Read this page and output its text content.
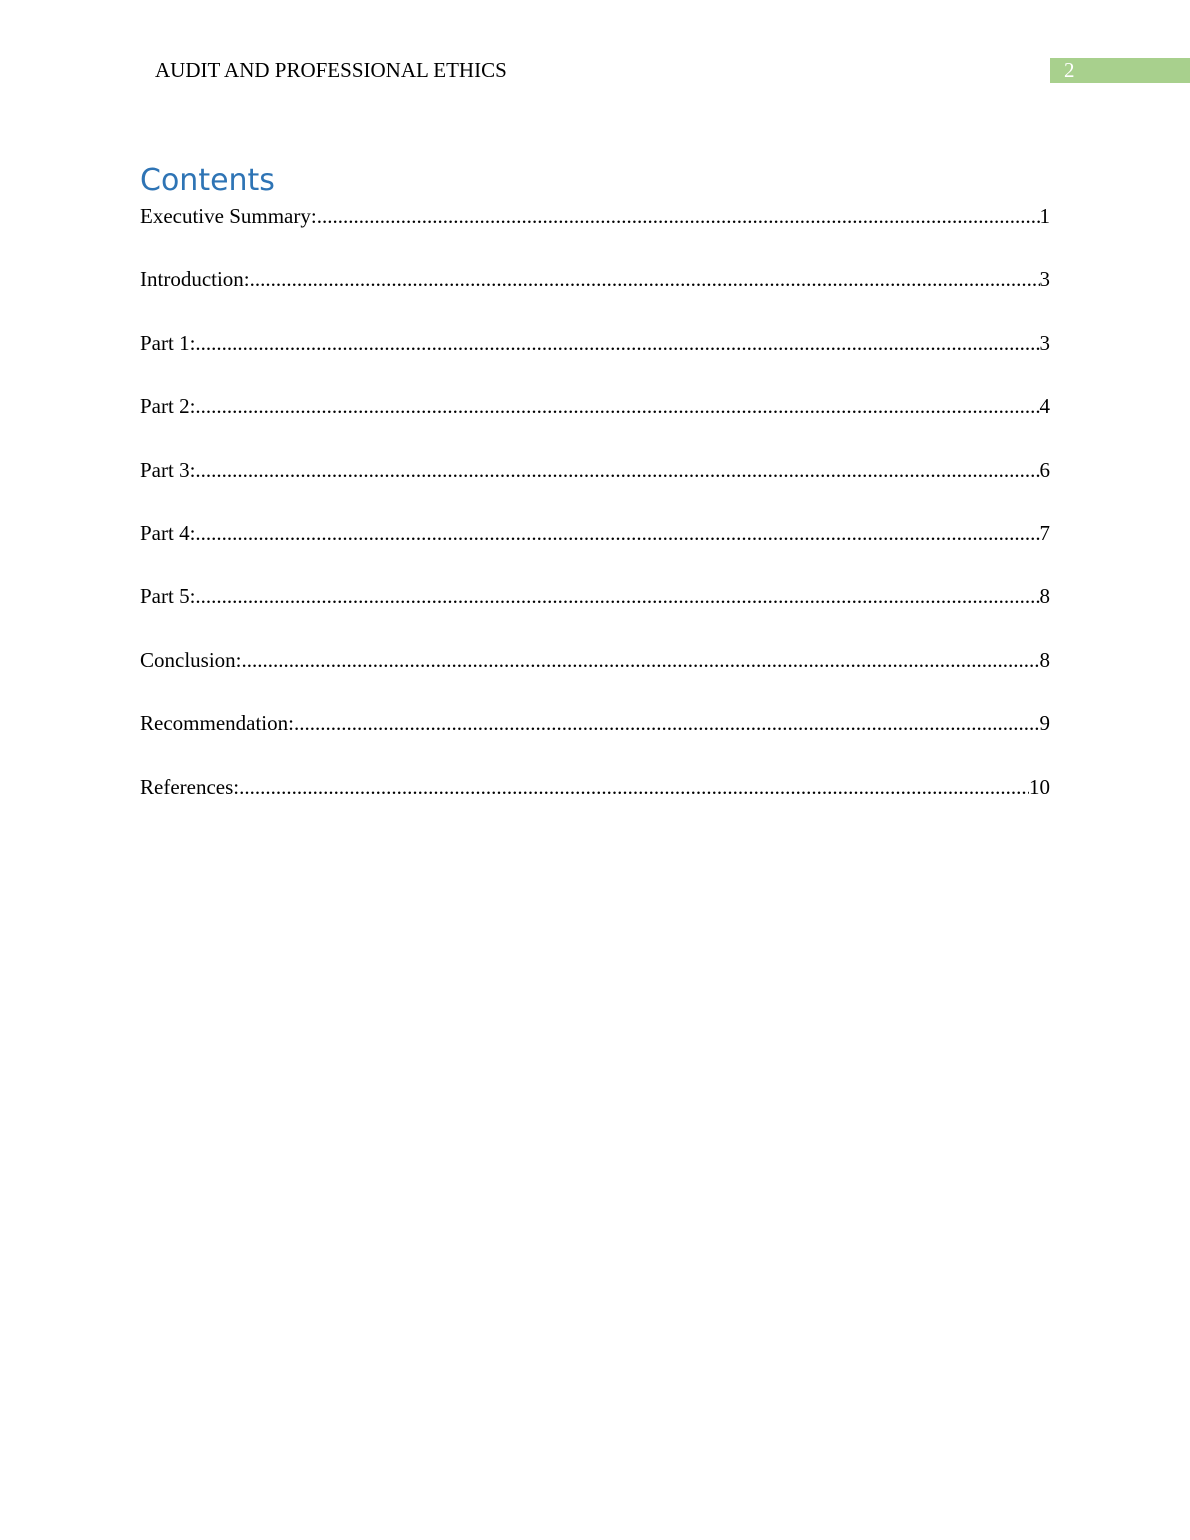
AUDIT AND PROFESSIONAL ETHICS	2
Contents
Executive Summary: .....	1
Introduction: .....	3
Part 1: .....	3
Part 2: .....	4
Part 3: .....	6
Part 4: .....	7
Part 5: .....	8
Conclusion: .....	8
Recommendation: .....	9
References: .....	10
